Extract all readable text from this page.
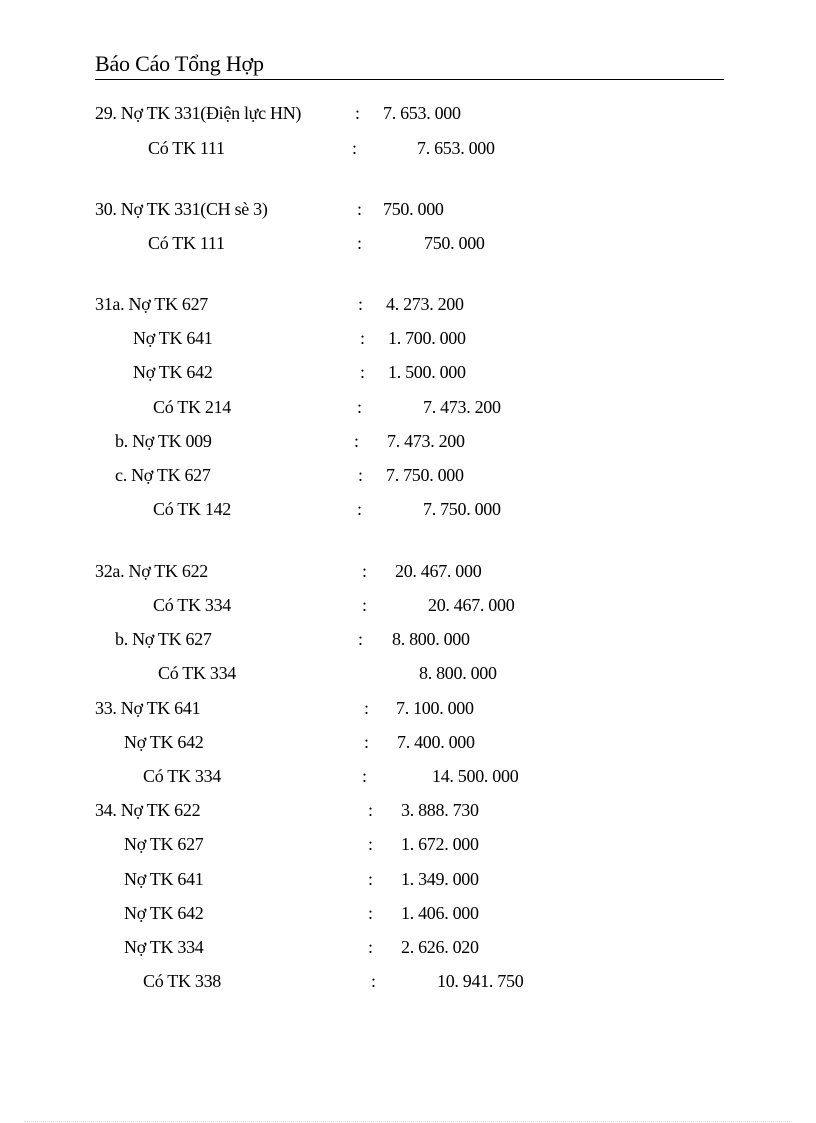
Báo Cáo Tổng Hợp
29. Nợ TK 331(Điện lực HN)	: 7. 653. 000
Có TK 111	:	7. 653. 000
30. Nợ TK 331(CH sè 3)	: 750. 000
Có TK 111	:	750. 000
31a. Nợ TK 627	: 4. 273. 200
Nợ TK 641	: 1. 700. 000
Nợ TK 642	: 1. 500. 000
Có TK 214	:	7. 473. 200
b. Nợ TK 009	: 7. 473. 200
c. Nợ TK 627	: 7. 750. 000
Có TK 142	:	7. 750. 000
32a. Nợ TK 622	: 20. 467. 000
Có TK 334	:	20. 467. 000
b. Nợ TK 627	: 8. 800. 000
Có TK 334	8. 800. 000
33. Nợ TK 641	: 7. 100. 000
Nợ TK 642	: 7. 400. 000
Có TK 334	:	14. 500. 000
34. Nợ TK 622	: 3. 888. 730
Nợ TK 627	: 1. 672. 000
Nợ TK 641	: 1. 349. 000
Nợ TK 642	: 1. 406. 000
Nợ TK 334	: 2. 626. 020
Có TK 338	:	10. 941. 750
